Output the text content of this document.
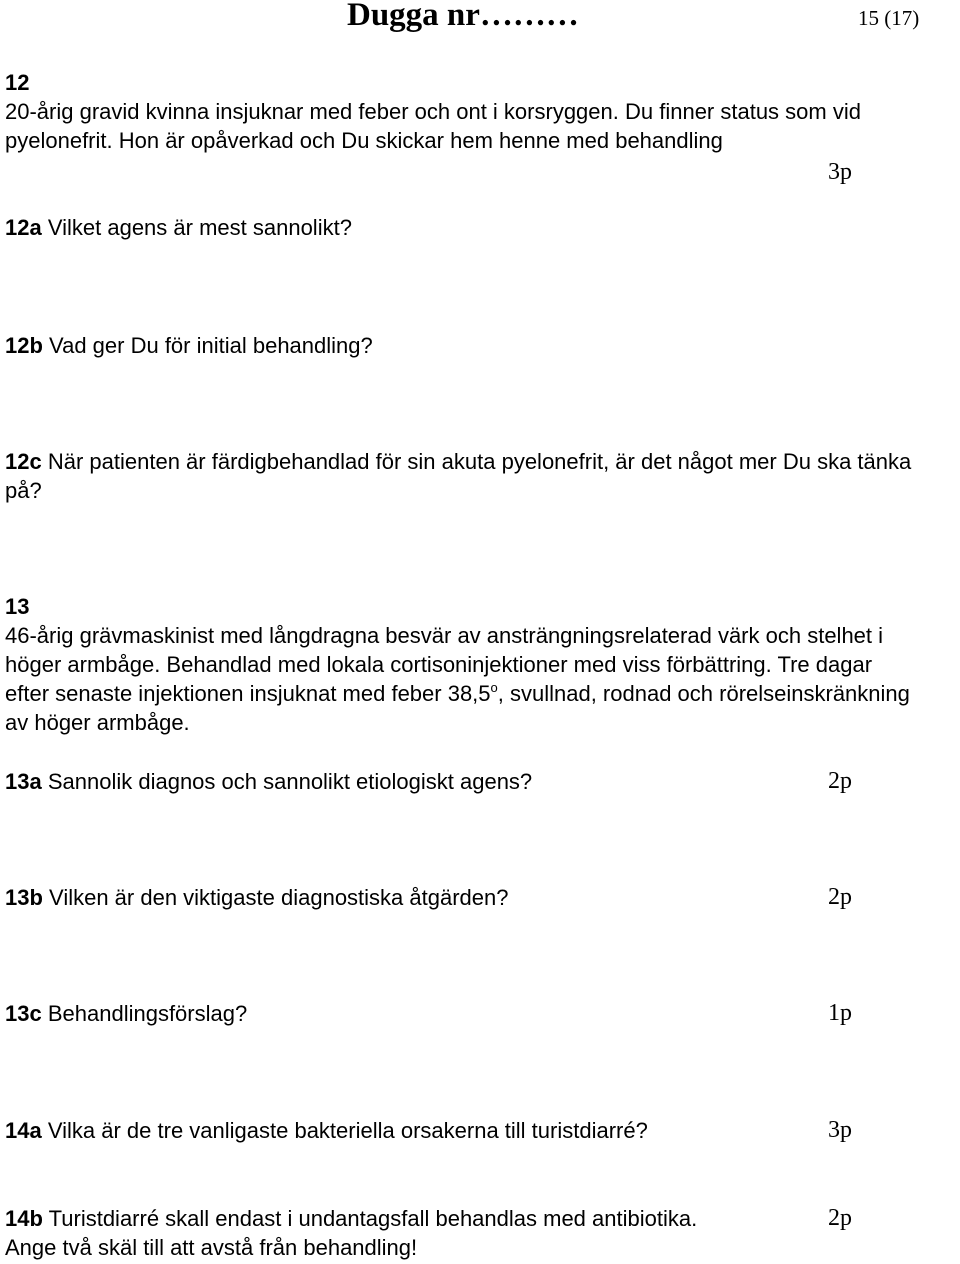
Dugga nr………	15 (17)
12
20-årig gravid kvinna insjuknar med feber och ont i korsryggen. Du finner status som vid
pyelonefrit. Hon är opåverkad och Du skickar hem henne med behandling
3p
12a Vilket agens är mest sannolikt?
12b Vad ger Du för initial behandling?
12c När patienten är färdigbehandlad för sin akuta pyelonefrit, är det något mer Du ska tänka
på?
13
46-årig grävmaskinist med långdragna besvär av ansträngningsrelaterad värk och stelhet i
höger armbåge. Behandlad med lokala cortisoninjektioner med viss förbättring. Tre dagar
efter senaste injektionen insjuknat med feber 38,5$^o$, svullnad, rodnad och rörelseinskränkning
av höger armbåge.
13a Sannolik diagnos och sannolikt etiologiskt agens?	2p
13b Vilken är den viktigaste diagnostiska åtgärden?	2p
13c Behandlingsförslag?	1p
14a Vilka är de tre vanligaste bakteriella orsakerna till turistdiarré?	3p
14b Turistdiarré skall endast i undantagsfall behandlas med antibiotika.
Ange två skäl till att avstå från behandling!
2p
